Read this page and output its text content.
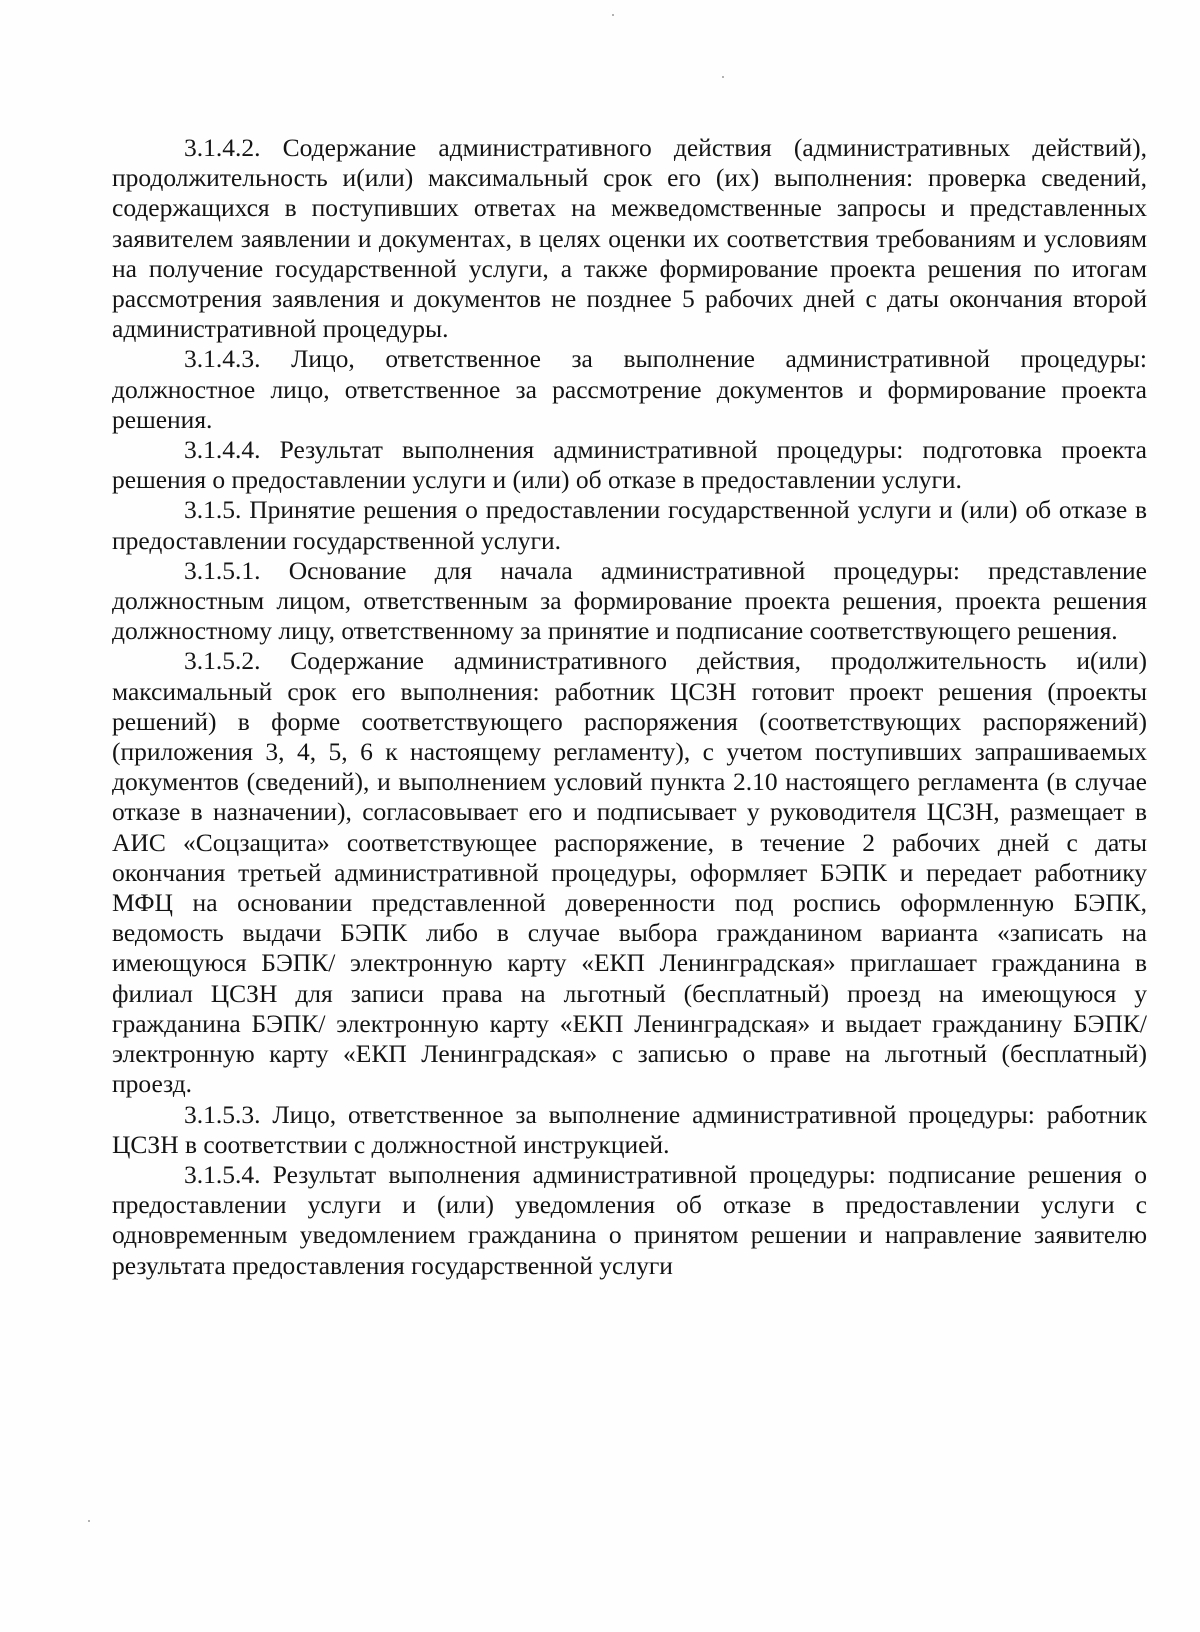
3.1.4.2. Содержание административного действия (административных действий), продолжительность и(или) максимальный срок его (их) выполнения: проверка сведений, содержащихся в поступивших ответах на межведомственные запросы и представленных заявителем заявлении и документах, в целях оценки их соответствия требованиям и условиям на получение государственной услуги, а также формирование проекта решения по итогам рассмотрения заявления и документов не позднее 5 рабочих дней с даты окончания второй административной процедуры.

3.1.4.3. Лицо, ответственное за выполнение административной процедуры: должностное лицо, ответственное за рассмотрение документов и формирование проекта решения.

3.1.4.4. Результат выполнения административной процедуры: подготовка проекта решения о предоставлении услуги и (или) об отказе в предоставлении услуги.

3.1.5. Принятие решения о предоставлении государственной услуги и (или) об отказе в предоставлении государственной услуги.

3.1.5.1. Основание для начала административной процедуры: представление должностным лицом, ответственным за формирование проекта решения, проекта решения должностному лицу, ответственному за принятие и подписание соответствующего решения.

3.1.5.2. Содержание административного действия, продолжительность и(или) максимальный срок его выполнения: работник ЦСЗН готовит проект решения (проекты решений) в форме соответствующего распоряжения (соответствующих распоряжений) (приложения 3, 4, 5, 6 к настоящему регламенту), с учетом поступивших запрашиваемых документов (сведений), и выполнением условий пункта 2.10 настоящего регламента (в случае отказе в назначении), согласовывает его и подписывает у руководителя ЦСЗН, размещает в АИС «Соцзащита» соответствующее распоряжение, в течение 2 рабочих дней с даты окончания третьей административной процедуры, оформляет БЭПК и передает работнику МФЦ на основании представленной доверенности под роспись оформленную БЭПК, ведомость выдачи БЭПК либо в случае выбора гражданином варианта «записать на имеющуюся БЭПК/ электронную карту «ЕКП Ленинградская» приглашает гражданина в филиал ЦСЗН для записи права на льготный (бесплатный) проезд на имеющуюся у гражданина БЭПК/ электронную карту «ЕКП Ленинградская» и выдает гражданину БЭПК/ электронную карту «ЕКП Ленинградская» с записью о праве на льготный (бесплатный) проезд.

3.1.5.3. Лицо, ответственное за выполнение административной процедуры: работник ЦСЗН в соответствии с должностной инструкцией.

3.1.5.4. Результат выполнения административной процедуры: подписание решения о предоставлении услуги и (или) уведомления об отказе в предоставлении услуги с одновременным уведомлением гражданина о принятом решении и направление заявителю результата предоставления государственной услуги
